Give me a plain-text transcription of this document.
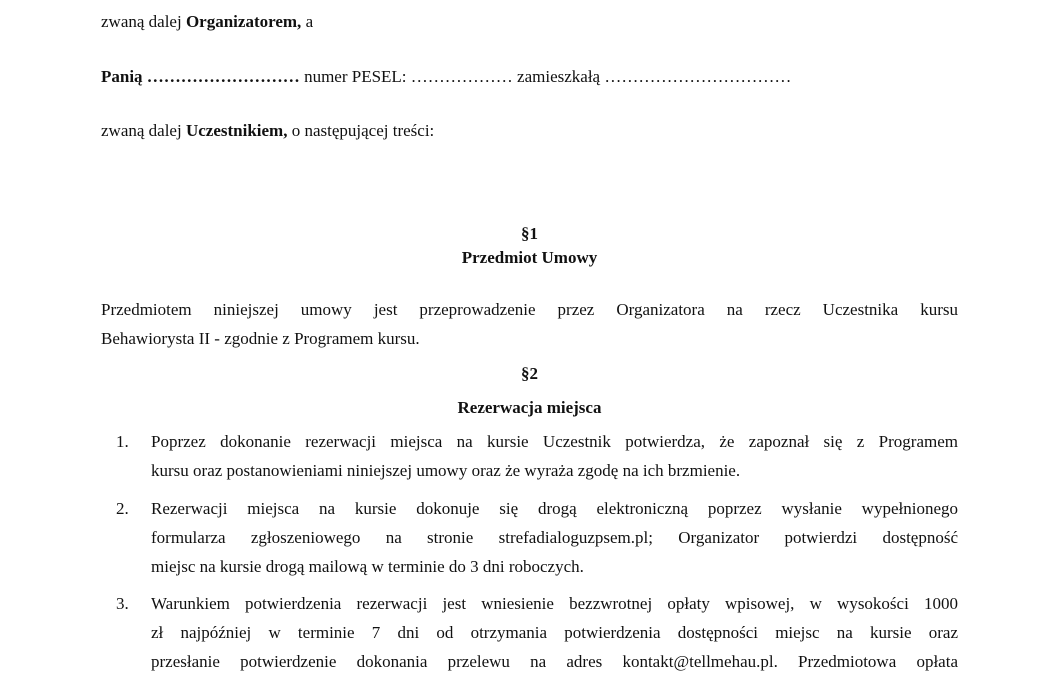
zwaną dalej Organizatorem, a
Panią ……………………… numer PESEL: ……………… zamieszkałą ……………………………
zwaną dalej Uczestnikiem, o następującej treści:
§1
Przedmiot Umowy
Przedmiotem niniejszej umowy jest przeprowadzenie przez Organizatora na rzecz Uczestnika kursu
Behawiorysta II - zgodnie z Programem kursu.
§2
Rezerwacja miejsca
1. Poprzez dokonanie rezerwacji miejsca na kursie Uczestnik potwierdza, że zapoznał się z Programem
kursu oraz postanowieniami niniejszej umowy oraz że wyraża zgodę na ich brzmienie.
2. Rezerwacji miejsca na kursie dokonuje się drogą elektroniczną poprzez wysłanie wypełnionego
formularza zgłoszeniowego na stronie strefadialoguzpsem.pl; Organizator potwierdzi dostępność
miejsc na kursie drogą mailową w terminie do 3 dni roboczych.
3. Warunkiem potwierdzenia rezerwacji jest wniesienie bezzwrotnej opłaty wpisowej, w wysokości 1000
zł najpóźniej w terminie 7 dni od otrzymania potwierdzenia dostępności miejsc na kursie oraz
przesłanie potwierdzenie dokonania przelewu na adres kontakt@tellmehau.pl. Przedmiotowa opłata
